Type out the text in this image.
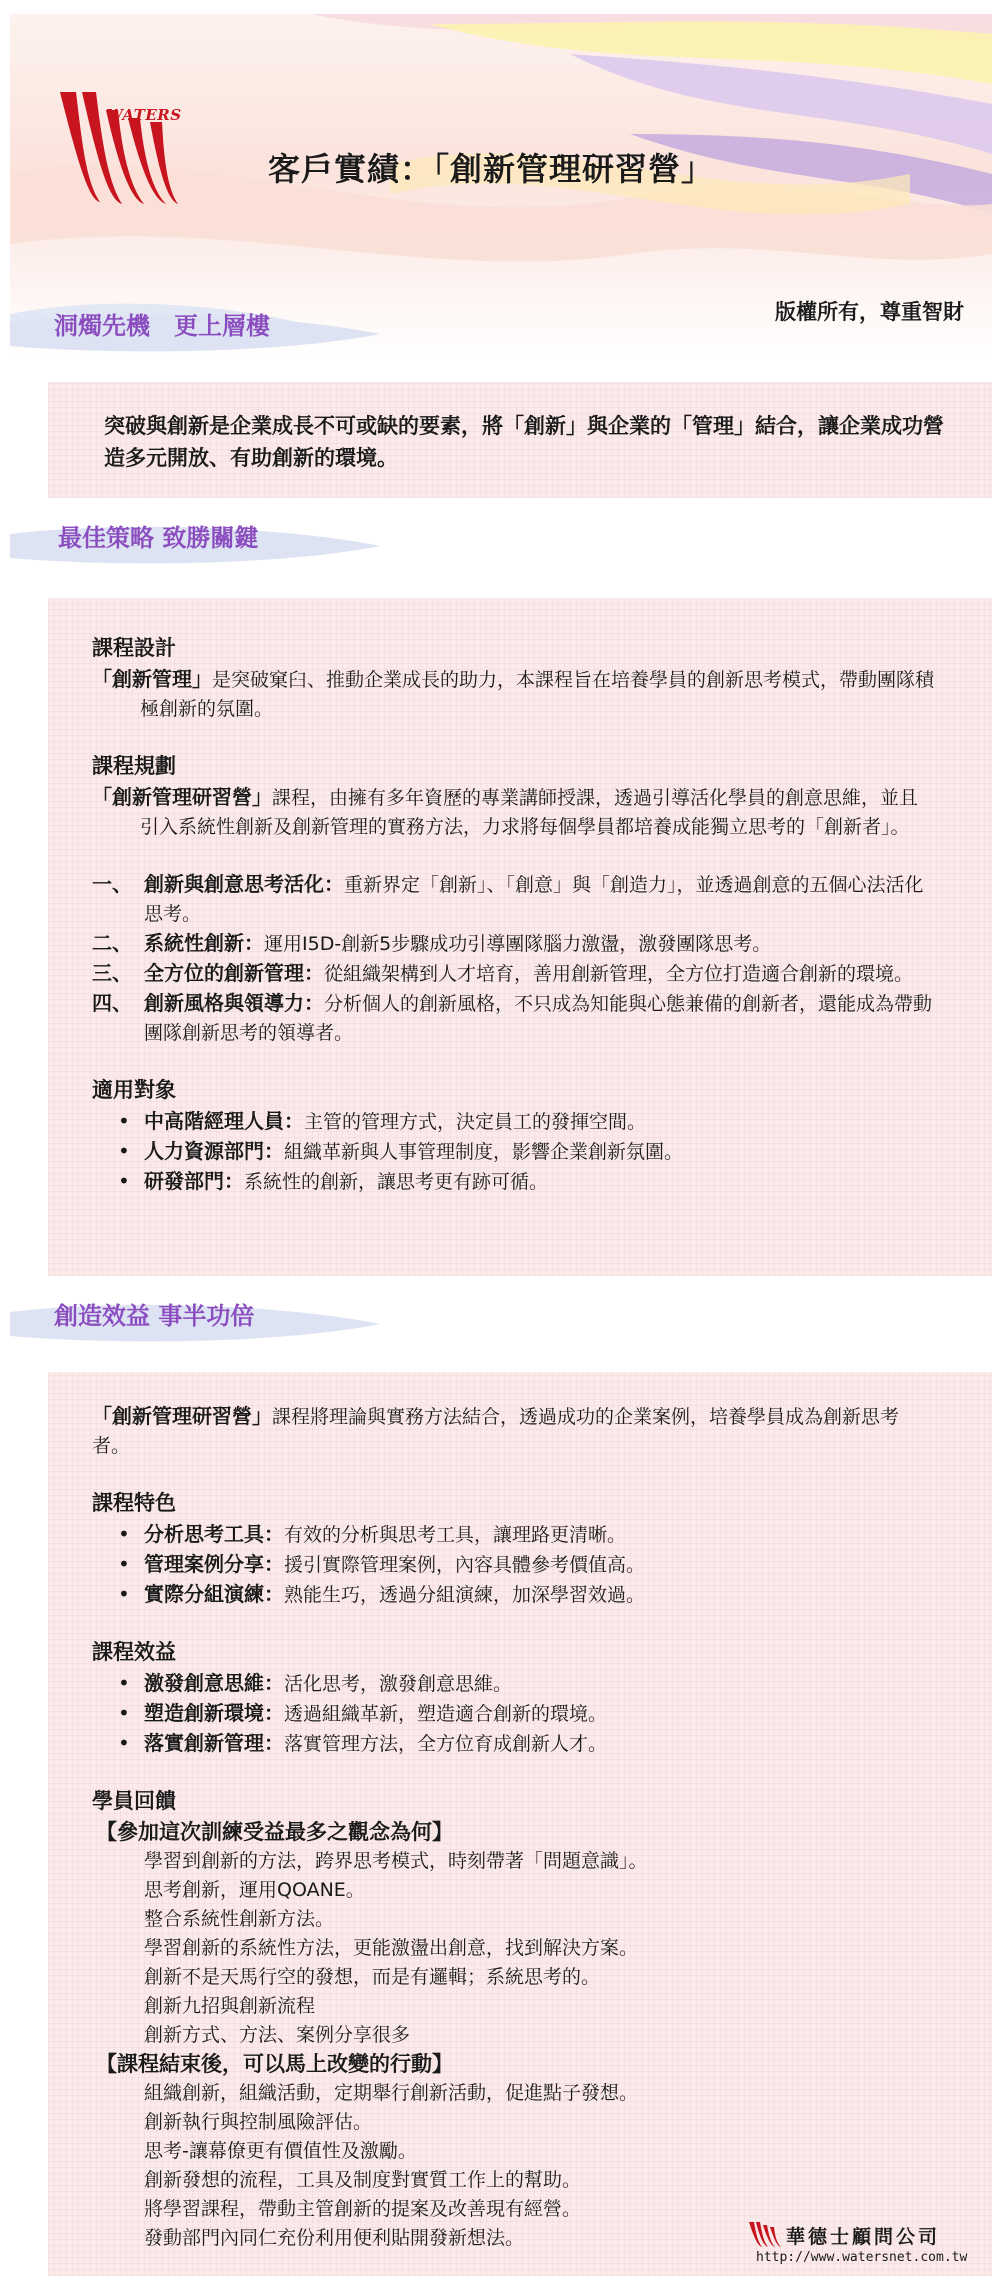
WATERS
客戶實績：「創新管理研習營」
版權所有，尊重智財
洞燭先機　更上層樓
突破與創新是企業成長不可或缺的要素，將「創新」與企業的「管理」結合，讓企業成功營造多元開放、有助創新的環境。
最佳策略 致勝關鍵
課程設計
「創新管理」是突破窠臼、推動企業成長的助力，本課程旨在培養學員的創新思考模式，帶動團隊積極創新的氛圍。
課程規劃
「創新管理研習營」課程，由擁有多年資歷的專業講師授課，透過引導活化學員的創意思維，並且引入系統性創新及創新管理的實務方法，力求將每個學員都培養成能獨立思考的「創新者」。
一、 創新與創意思考活化：重新界定「創新」、「創意」與「創造力」，並透過創意的五個心法活化思考。
二、 系統性創新：運用I5D-創新5步驟成功引導團隊腦力激盪，激發團隊思考。
三、 全方位的創新管理：從組織架構到人才培育，善用創新管理，全方位打造適合創新的環境。
四、 創新風格與領導力：分析個人的創新風格，不只成為知能與心態兼備的創新者，還能成為帶動團隊創新思考的領導者。
適用對象
• 中高階經理人員：主管的管理方式，決定員工的發揮空間。
• 人力資源部門：組織革新與人事管理制度，影響企業創新氛圍。
• 研發部門：系統性的創新，讓思考更有跡可循。
創造效益 事半功倍
「創新管理研習營」課程將理論與實務方法結合，透過成功的企業案例，培養學員成為創新思考者。
課程特色
• 分析思考工具：有效的分析與思考工具，讓理路更清晰。
• 管理案例分享：援引實際管理案例，內容具體參考價值高。
• 實際分組演練：熟能生巧，透過分組演練，加深學習效過。
課程效益
• 激發創意思維：活化思考，激發創意思維。
• 塑造創新環境：透過組織革新，塑造適合創新的環境。
• 落實創新管理：落實管理方法，全方位育成創新人才。
學員回饋
【參加這次訓練受益最多之觀念為何】
學習到創新的方法，跨界思考模式，時刻帶著「問題意識」。
思考創新，運用QOANE。
整合系統性創新方法。
學習創新的系統性方法，更能激盪出創意，找到解決方案。
創新不是天馬行空的發想，而是有邏輯；系統思考的。
創新九招與創新流程
創新方式、方法、案例分享很多
【課程結束後，可以馬上改變的行動】
組織創新，組織活動，定期舉行創新活動，促進點子發想。
創新執行與控制風險評估。
思考-讓幕僚更有價值性及激勵。
創新發想的流程，工具及制度對實質工作上的幫助。
將學習課程，帶動主管創新的提案及改善現有經營。
發動部門內同仁充份利用便利貼開發新想法。	華德士顧問公司
http://www.watersnet.com.tw
